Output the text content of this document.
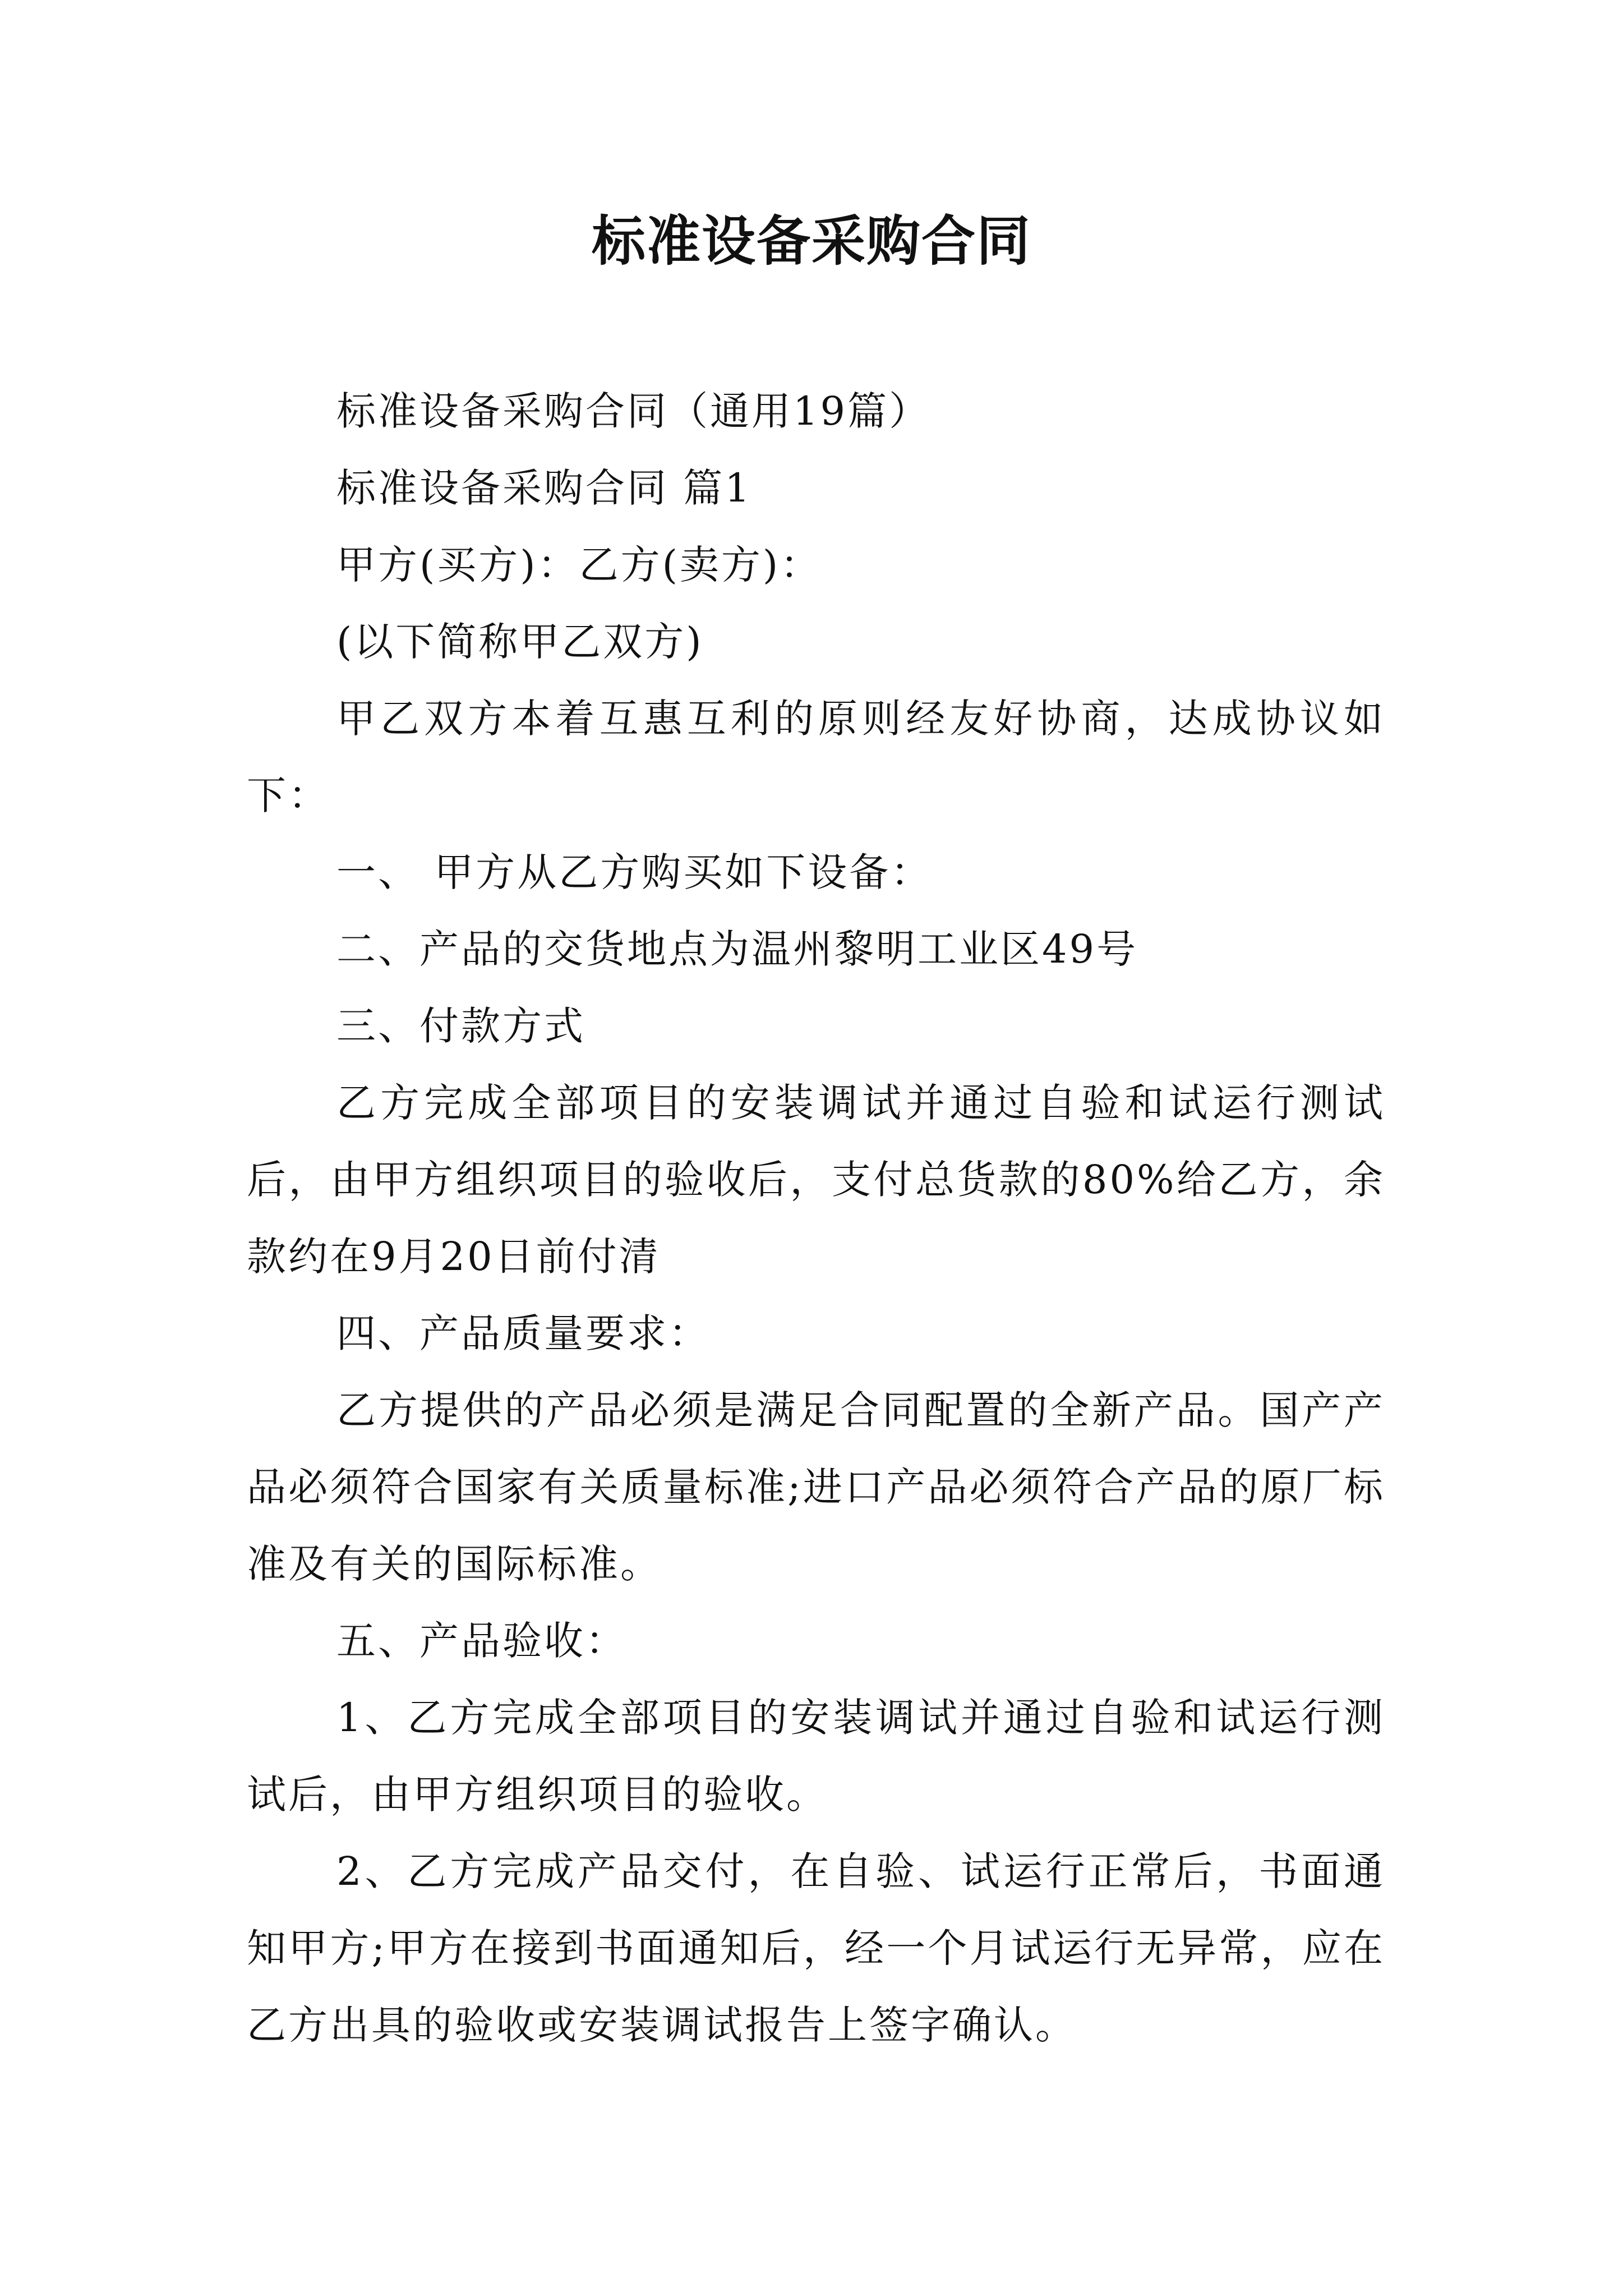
标准设备采购合同

标准设备采购合同（通用19篇）

标准设备采购合同 篇1

甲方(买方)：乙方(卖方)：

(以下简称甲乙双方)

甲乙双方本着互惠互利的原则经友好协商，达成协议如下：

一、 甲方从乙方购买如下设备：

二、产品的交货地点为温州黎明工业区49号

三、付款方式

乙方完成全部项目的安装调试并通过自验和试运行测试后，由甲方组织项目的验收后，支付总货款的80%给乙方，余款约在9月20日前付清

四、产品质量要求：

乙方提供的产品必须是满足合同配置的全新产品。国产产品必须符合国家有关质量标准;进口产品必须符合产品的原厂标准及有关的国际标准。

五、产品验收：

1、乙方完成全部项目的安装调试并通过自验和试运行测试后，由甲方组织项目的验收。

2、乙方完成产品交付，在自验、试运行正常后，书面通知甲方;甲方在接到书面通知后，经一个月试运行无异常，应在乙方出具的验收或安装调试报告上签字确认。
